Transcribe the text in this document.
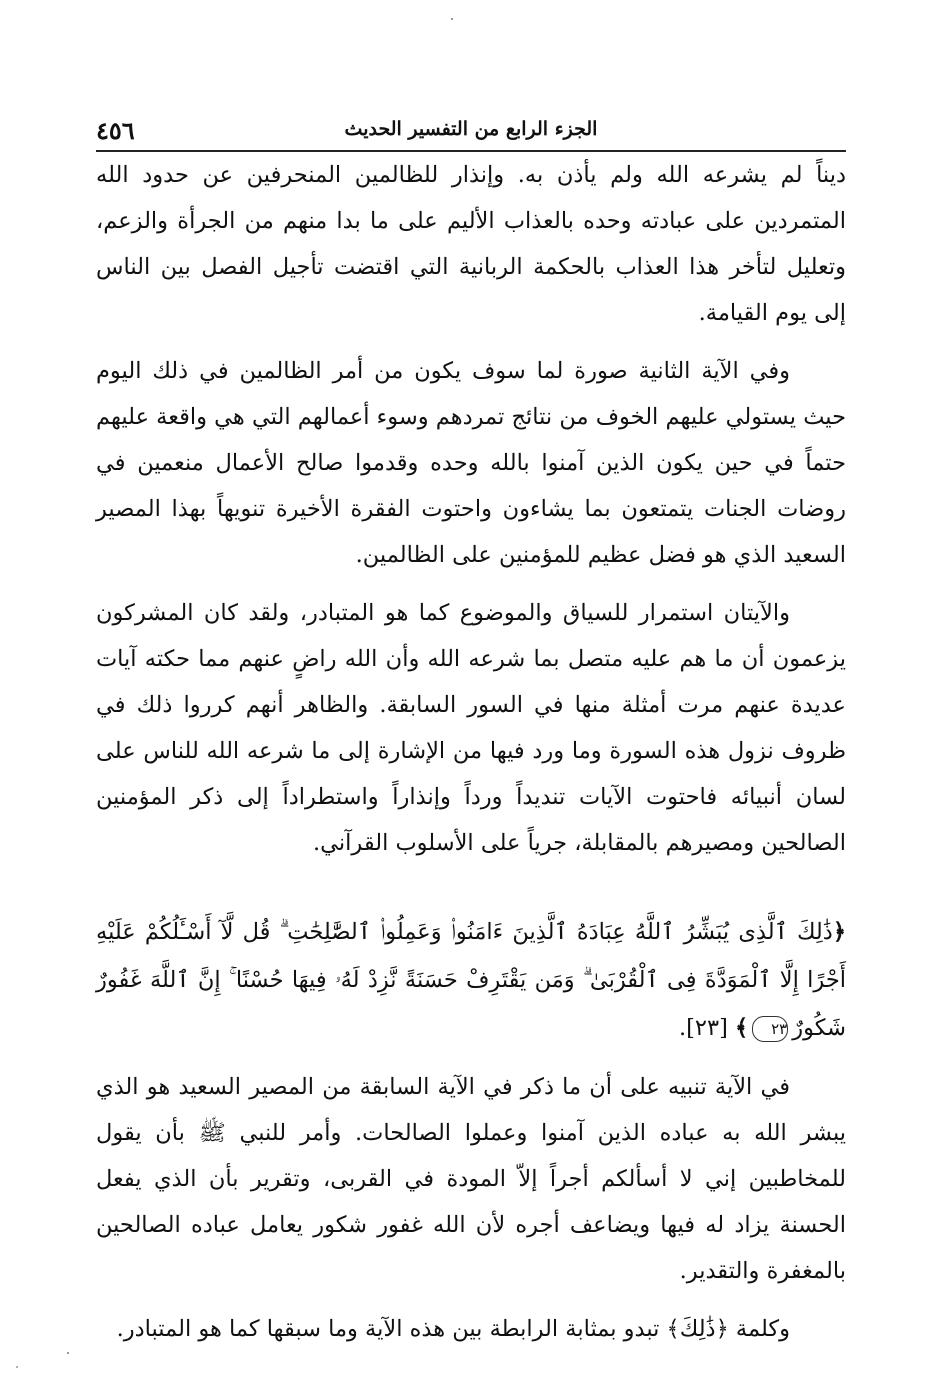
الجزء الرابع من التفسير الحديث
٤٥٦

ديناً لم يشرعه الله ولم يأذن به. وإنذار للظالمين المنحرفين عن حدود الله المتمردين على عبادته وحده بالعذاب الأليم على ما بدا منهم من الجرأة والزعم، وتعليل لتأخر هذا العذاب بالحكمة الربانية التي اقتضت تأجيل الفصل بين الناس إلى يوم القيامة.

وفي الآية الثانية صورة لما سوف يكون من أمر الظالمين في ذلك اليوم حيث يستولي عليهم الخوف من نتائج تمردهم وسوء أعمالهم التي هي واقعة عليهم حتماً في حين يكون الذين آمنوا بالله وحده وقدموا صالح الأعمال منعمين في روضات الجنات يتمتعون بما يشاءون واحتوت الفقرة الأخيرة تنويهاً بهذا المصير السعيد الذي هو فضل عظيم للمؤمنين على الظالمين.

والآيتان استمرار للسياق والموضوع كما هو المتبادر، ولقد كان المشركون يزعمون أن ما هم عليه متصل بما شرعه الله وأن الله راضٍ عنهم مما حكته آيات عديدة عنهم مرت أمثلة منها في السور السابقة. والظاهر أنهم كرروا ذلك في ظروف نزول هذه السورة وما ورد فيها من الإشارة إلى ما شرعه الله للناس على لسان أنبيائه فاحتوت الآيات تنديداً ورداً وإنذاراً واستطراداً إلى ذكر المؤمنين الصالحين ومصيرهم بالمقابلة، جرياً على الأسلوب القرآني.

﴿ذَٰلِكَ ٱلَّذِى يُبَشِّرُ ٱللَّهُ عِبَادَهُ ٱلَّذِينَ ءَامَنُوا۟ وَعَمِلُوا۟ ٱلصَّٰلِحَٰتِ ۗ قُل لَّآ أَسْـَٔلُكُمْ عَلَيْهِ أَجْرًا إِلَّا ٱلْمَوَدَّةَ فِى ٱلْقُرْبَىٰ ۗ وَمَن يَقْتَرِفْ حَسَنَةً نَّزِدْ لَهُۥ فِيهَا حُسْنًا ۚ إِنَّ ٱللَّهَ غَفُورٌ شَكُورٌ٢٣﴾ [٢٣].

في الآية تنبيه على أن ما ذكر في الآية السابقة من المصير السعيد هو الذي يبشر الله به عباده الذين آمنوا وعملوا الصالحات. وأمر للنبي ﷺ بأن يقول للمخاطبين إني لا أسألكم أجراً إلاّ المودة في القربى، وتقرير بأن الذي يفعل الحسنة يزاد له فيها ويضاعف أجره لأن الله غفور شكور يعامل عباده الصالحين بالمغفرة والتقدير.

وكلمة ﴿ذَٰلِكَ﴾ تبدو بمثابة الرابطة بين هذه الآية وما سبقها كما هو المتبادر.
